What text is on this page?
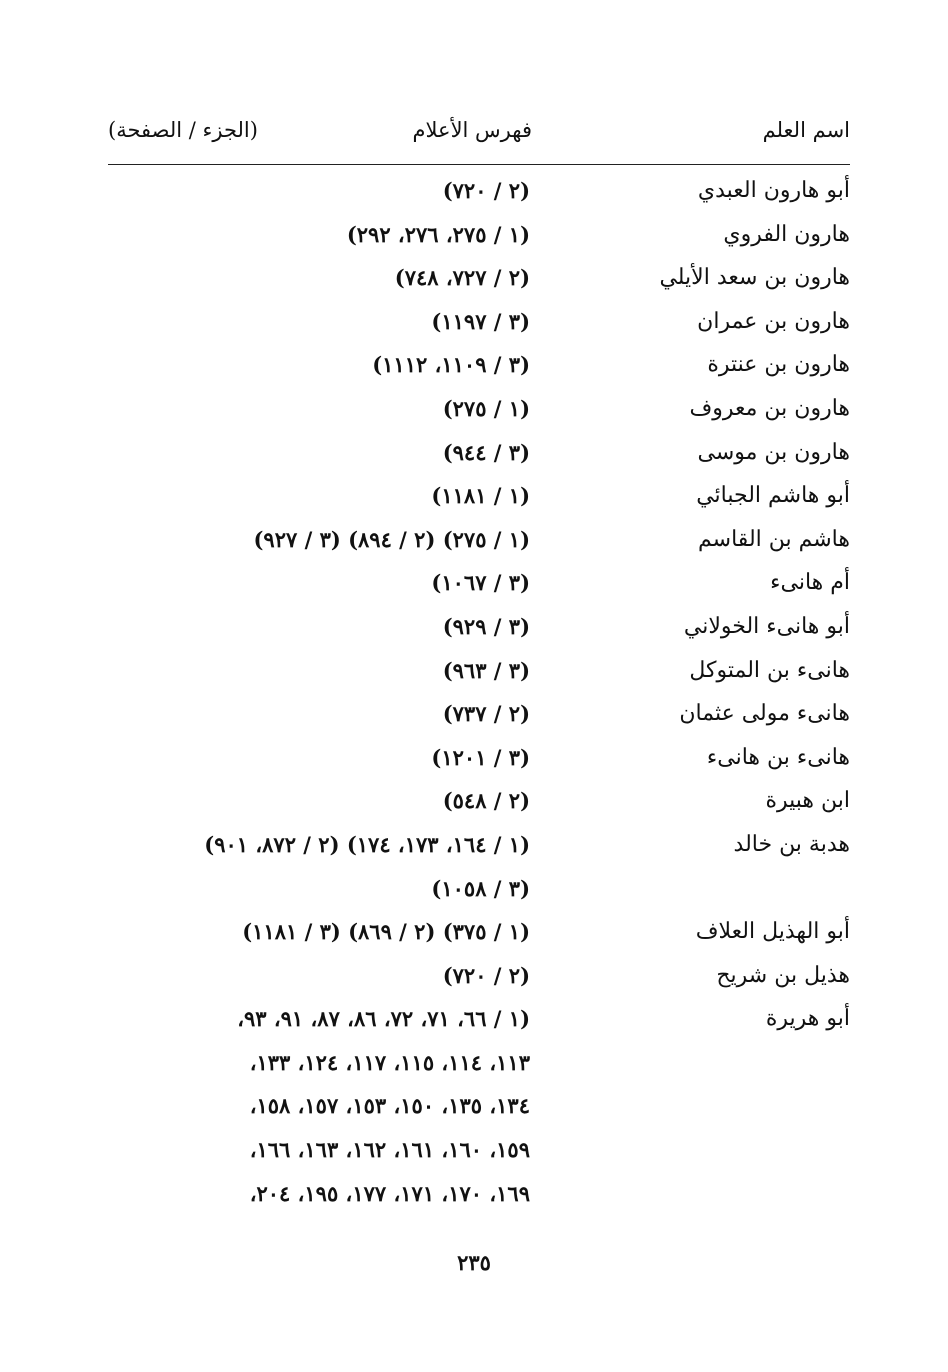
اسم العلم
فهرس الأعلام
(الجزء / الصفحة)
أبو هارون العبدي
(٢ / ٧٢٠)
هارون الفروي
(١ / ٢٧٥، ٢٧٦، ٢٩٢)
هارون بن سعد الأيلي
(٢ / ٧٢٧، ٧٤٨)
هارون بن عمران
(٣ / ١١٩٧)
هارون بن عنترة
(٣ / ١١٠٩، ١١١٢)
هارون بن معروف
(١ / ٢٧٥)
هارون بن موسى
(٣ / ٩٤٤)
أبو هاشم الجبائي
(١ / ١١٨١)
هاشم بن القاسم
(١ / ٢٧٥) (٢ / ٨٩٤) (٣ / ٩٢٧)
أم هانىء
(٣ / ١٠٦٧)
أبو هانىء الخولاني
(٣ / ٩٢٩)
هانىء بن المتوكل
(٣ / ٩٦٣)
هانىء مولى عثمان
(٢ / ٧٣٧)
هانىء بن هانىء
(٣ / ١٢٠١)
ابن هبيرة
(٢ / ٥٤٨)
هدبة بن خالد
(١ / ١٦٤، ١٧٣، ١٧٤) (٢ / ٨٧٢، ٩٠١)
(٣ / ١٠٥٨)
أبو الهذيل العلاف
(١ / ٣٧٥) (٢ / ٨٦٩) (٣ / ١١٨١)
هذيل بن شريح
(٢ / ٧٢٠)
أبو هريرة
(١ / ٦٦، ٧١، ٧٢، ٨٦، ٨٧، ٩١، ٩٣،
١١٣، ١١٤، ١١٥، ١١٧، ١٢٤، ١٣٣،
١٣٤، ١٣٥، ١٥٠، ١٥٣، ١٥٧، ١٥٨،
١٥٩، ١٦٠، ١٦١، ١٦٢، ١٦٣، ١٦٦،
١٦٩، ١٧٠، ١٧١، ١٧٧، ١٩٥، ٢٠٤،
٢٣٥
